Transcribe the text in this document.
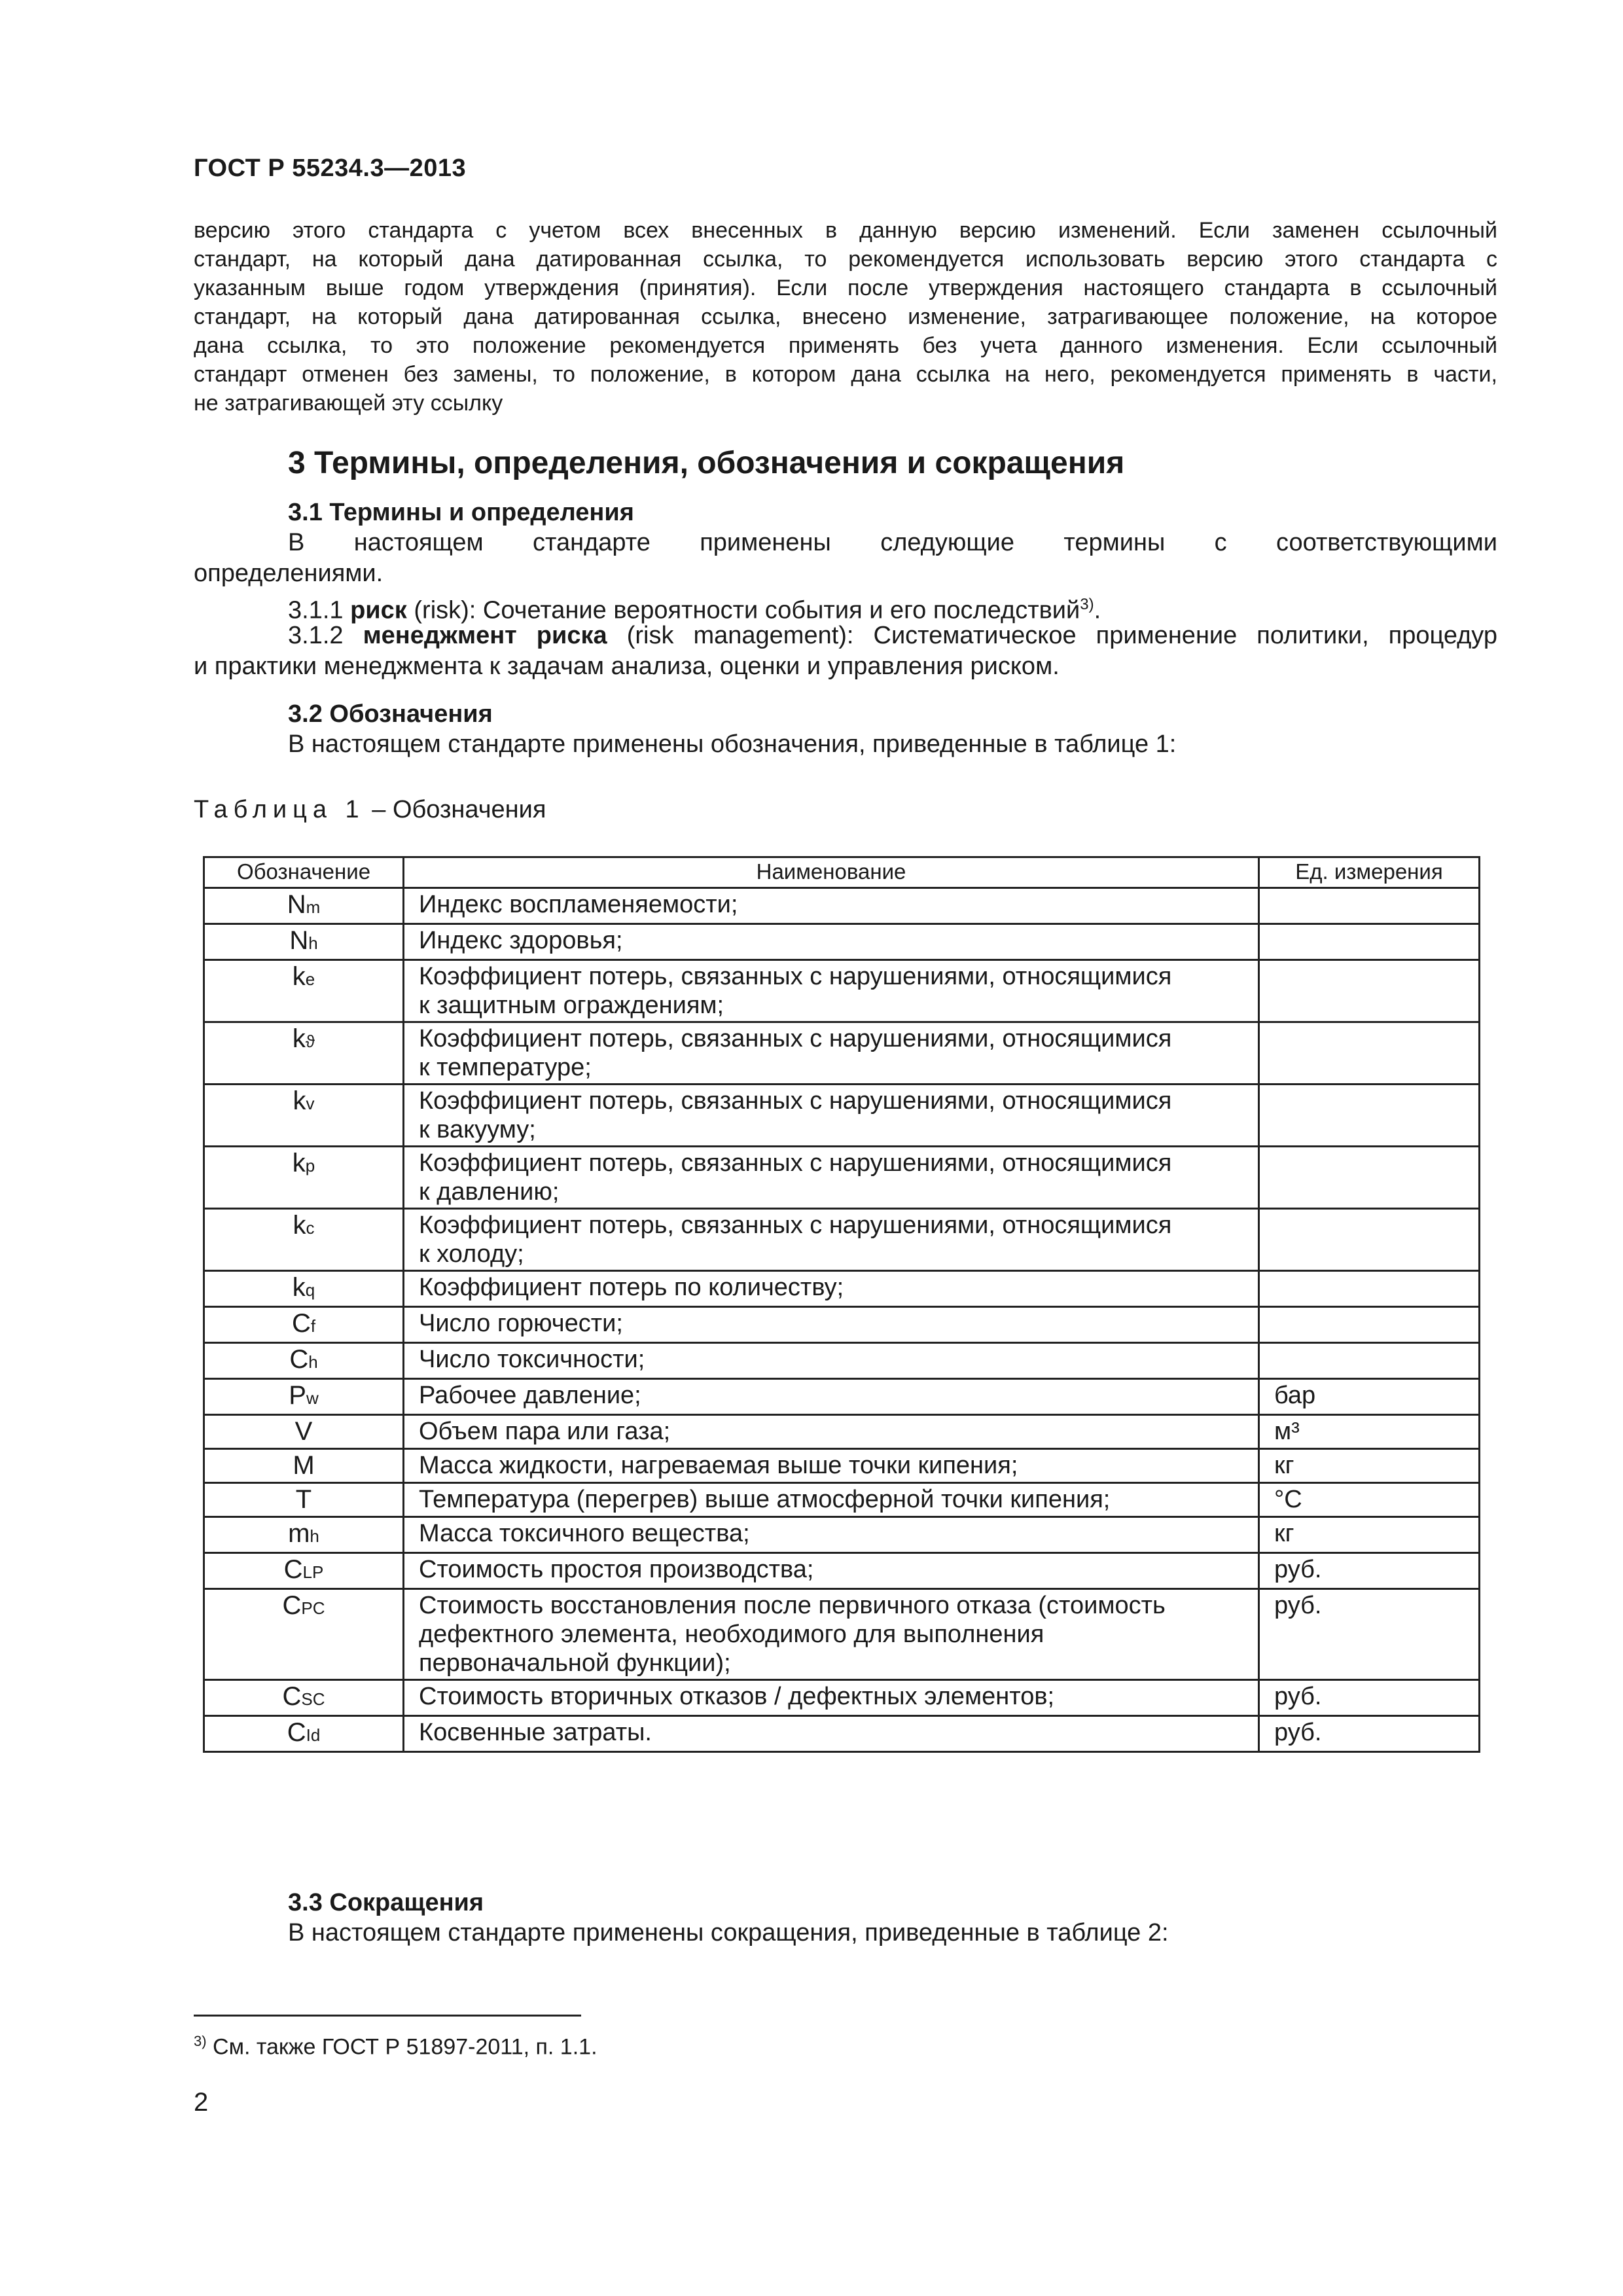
ГОСТ Р 55234.3—2013
версию этого стандарта с учетом всех внесенных в данную версию изменений. Если заменен ссылочный
стандарт, на который дана датированная ссылка, то рекомендуется использовать версию этого стандарта с
указанным выше годом утверждения (принятия). Если после утверждения настоящего стандарта в ссылочный
стандарт, на который дана датированная ссылка, внесено изменение, затрагивающее положение, на которое
дана ссылка, то это положение рекомендуется применять без учета данного изменения. Если ссылочный
стандарт отменен без замены, то положение, в котором дана ссылка на него, рекомендуется применять в части,
не затрагивающей эту ссылку
3 Термины, определения, обозначения и сокращения
3.1 Термины и определения
В настоящем стандарте применены следующие термины с соответствующими
определениями.
3.1.1 риск (risk): Сочетание вероятности события и его последствий$^{3)}$.
3.1.2 менеджмент риска (risk management): Систематическое применение политики, процедур
и практики менеджмента к задачам анализа, оценки и управления риском.
3.2 Обозначения
В настоящем стандарте применены обозначения, приведенные в таблице 1:
Таблица 1 – Обозначения
Обозначение	Наименование	Ед. измерения
Nm	Индекс воспламеняемости;	

Nh	Индекс здоровья;	

ke	Коэффициент потерь, связанных с нарушениями, относящимися
к защитным ограждениям;	

kϑ	Коэффициент потерь, связанных с нарушениями, относящимися
к температуре;	

kv	Коэффициент потерь, связанных с нарушениями, относящимися
к вакууму;	

kp	Коэффициент потерь, связанных с нарушениями, относящимися
к давлению;	

kc	Коэффициент потерь, связанных с нарушениями, относящимися
к холоду;	

kq	Коэффициент потерь по количеству;	

Cf	Число горючести;	

Ch	Число токсичности;	

Pw	Рабочее давление;	бар
V	Объем пара или газа;	м³
M	Масса жидкости, нагреваемая выше точки кипения;	кг
T	Температура (перегрев) выше атмосферной точки кипения;	°C
mh	Масса токсичного вещества;	кг
CLP	Стоимость простоя производства;	руб.
CPC	Стоимость восстановления после первичного отказа (стоимость
дефектного элемента, необходимого для выполнения
первоначальной функции);	руб.
CSC	Стоимость вторичных отказов / дефектных элементов;	руб.
CId	Косвенные затраты.	руб.
3.3 Сокращения
В настоящем стандарте применены сокращения, приведенные в таблице 2:
$^{3)}$ См. также ГОСТ Р 51897-2011, п. 1.1.
2
